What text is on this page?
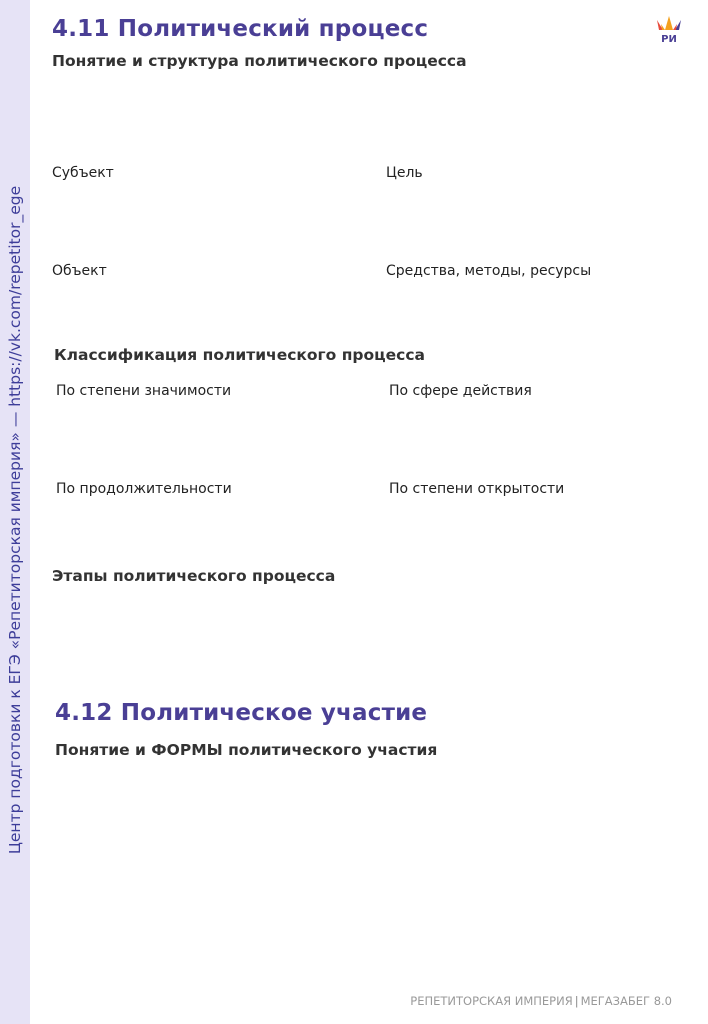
Центр подготовки к ЕГЭ «Репетиторская империя» — https://vk.com/repetitor_ege
РИ
4.11 Политический процесс
Понятие и структура политического процесса
Субъект	Цель
Объект	Средства, методы, ресурсы
Классификация политического процесса
По степени значимости	По сфере действия
По продолжительности	По степени открытости
Этапы политического процесса
4.12 Политическое участие
Понятие и ФОРМЫ политического участия
РЕПЕТИТОРСКАЯ ИМПЕРИЯ | МЕГАЗАБЕГ 8.0
